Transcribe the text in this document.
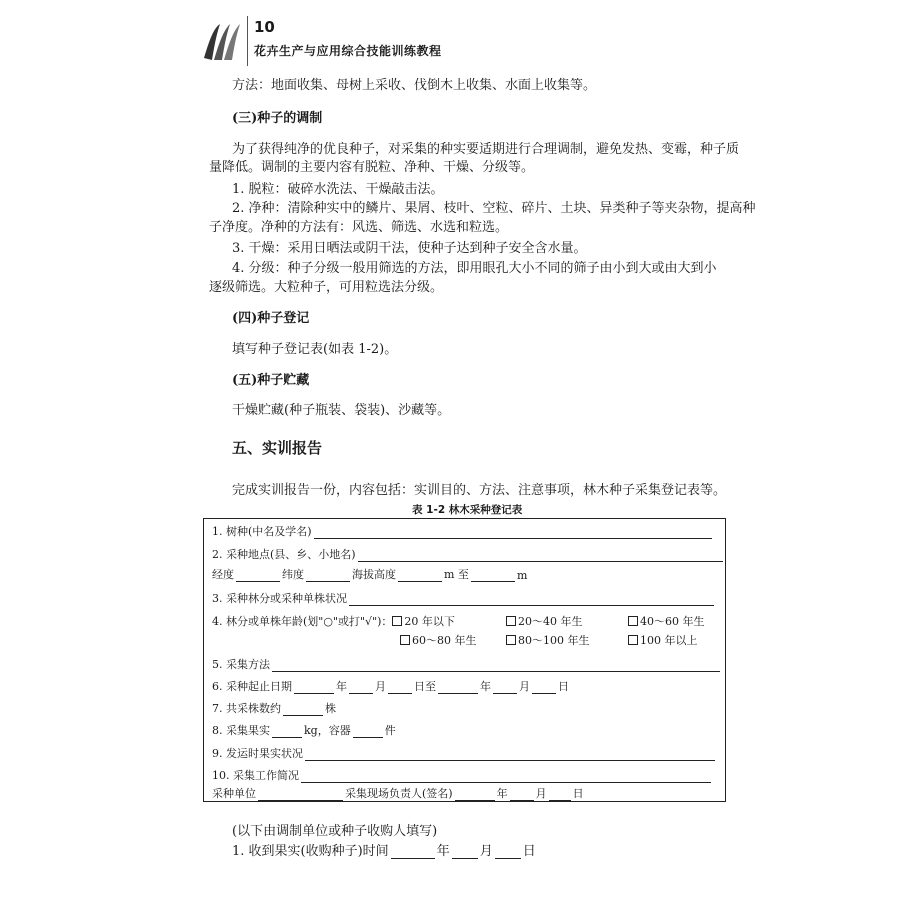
10
花卉生产与应用综合技能训练教程
方法：地面收集、母树上采收、伐倒木上收集、水面上收集等。
(三)种子的调制
为了获得纯净的优良种子，对采集的种实要适期进行合理调制，避免发热、变霉，种子质
量降低。调制的主要内容有脱粒、净种、干燥、分级等。
1. 脱粒：破碎水洗法、干燥敲击法。
2. 净种：清除种实中的鳞片、果屑、枝叶、空粒、碎片、土块、异类种子等夹杂物，提高种
子净度。净种的方法有：风选、筛选、水选和粒选。
3. 干燥：采用日晒法或阴干法，使种子达到种子安全含水量。
4. 分级：种子分级一般用筛选的方法，即用眼孔大小不同的筛子由小到大或由大到小
逐级筛选。大粒种子，可用粒选法分级。
(四)种子登记
填写种子登记表(如表 1-2)。
(五)种子贮藏
干燥贮藏(种子瓶装、袋装)、沙藏等。
五、实训报告
完成实训报告一份，内容包括：实训目的、方法、注意事项，林木种子采集登记表等。
表 1-2 林木采种登记表
1. 树种(中名及学名)
2. 采种地点(县、乡、小地名)
经度	纬度	海拔高度	m 至	m
3. 采种林分或采种单株状况
4. 林分或单株年龄(划"○"或打"√")： 20 年以下	20～40 年生	40～60 年生
60～80 年生	80～100 年生	100 年以上
5. 采集方法
6. 采种起止日期	年	月	日至	年	月	日
7. 共采株数约	株
8. 采集果实	kg，容器	件
9. 发运时果实状况
10. 采集工作简况
采种单位	采集现场负责人(签名)	年	月 日
(以下由调制单位或种子收购人填写)
1. 收到果实(收购种子)时间	年 月 日
